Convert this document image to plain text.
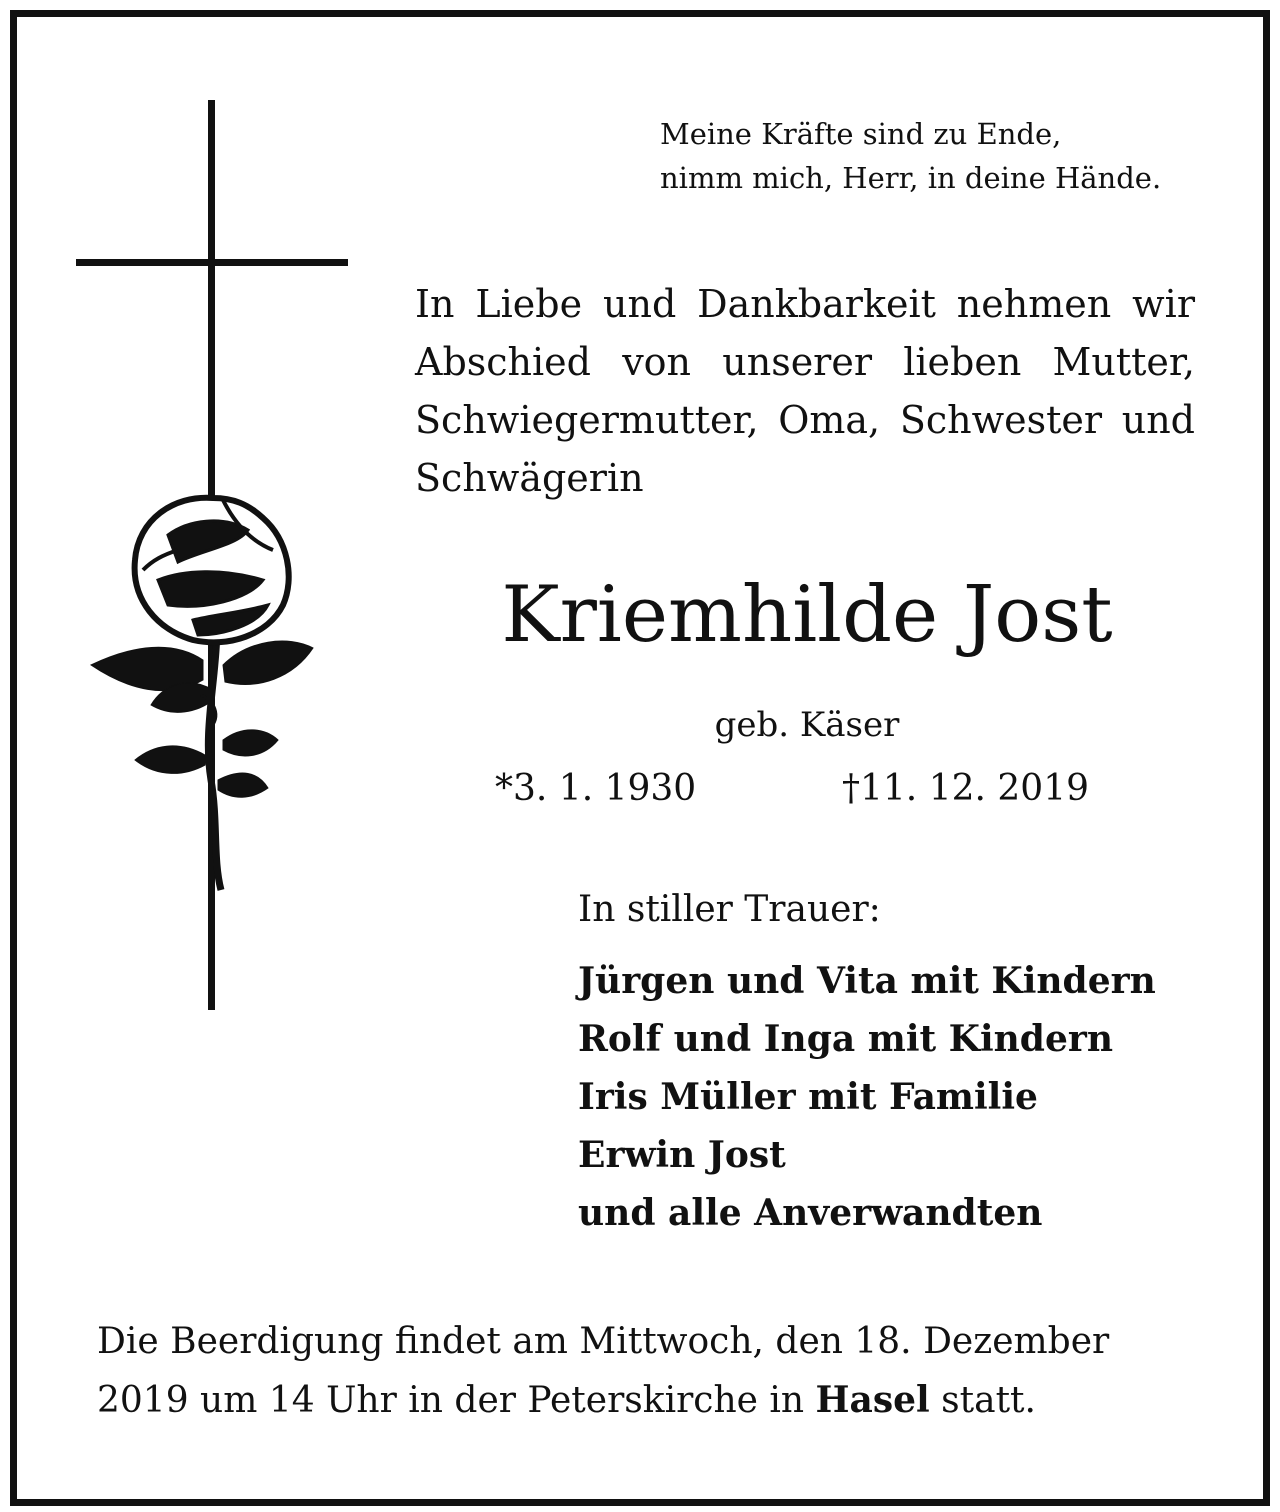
Meine Kräfte sind zu Ende,
nimm mich, Herr, in deine Hände.
In Liebe und Dankbarkeit nehmen wir
Abschied von unserer lieben Mutter,
Schwiegermutter, Oma, Schwester und
Schwägerin
Kriemhilde Jost
geb. Käser
*3. 1. 1930	†11. 12. 2019
In stiller Trauer:
Jürgen und Vita mit Kindern
Rolf und Inga mit Kindern
Iris Müller mit Familie
Erwin Jost
und alle Anverwandten
Die Beerdigung findet am Mittwoch, den 18. Dezember
2019 um 14 Uhr in der Peterskirche in Hasel statt.
